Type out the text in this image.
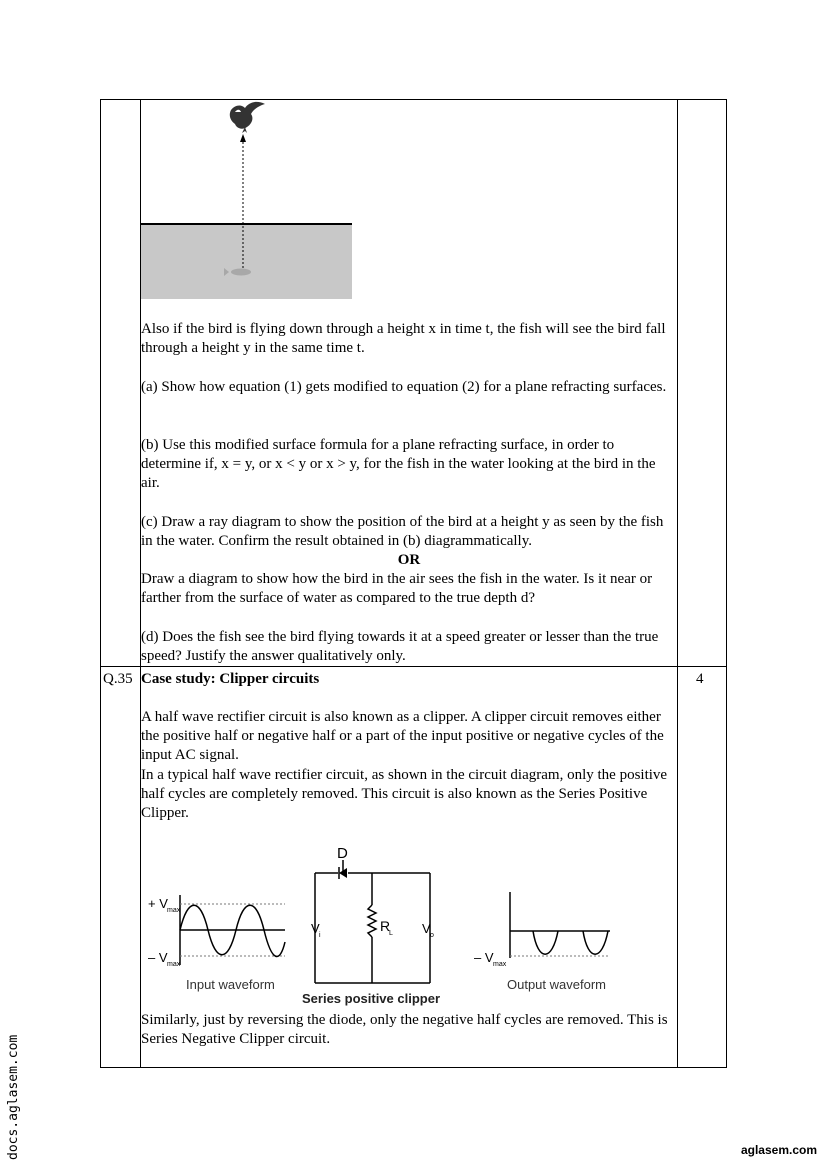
Also if the bird is flying down through a height x in time t, the fish will see the bird fall through a height y in the same time t.

(a) Show how equation (1) gets modified to equation (2) for a plane refracting surfaces.

(b) Use this modified surface formula for a plane refracting surface, in order to determine if, x = y, or x < y or x > y, for the fish in the water looking at the bird in the air.

(c) Draw a ray diagram to show the position of the bird at a height y as seen by the fish in the water. Confirm the result obtained in (b) diagrammatically.

OR

Draw a diagram to show how the bird in the air sees the fish in the water. Is it near or farther from the surface of water as compared to the true depth d?

(d) Does the fish see the bird flying towards it at a speed greater or lesser than the true speed? Justify the answer qualitatively only.

Q.35	4
Case study: Clipper circuits

A half wave rectifier circuit is also known as a clipper. A clipper circuit removes either the positive half or negative half or a part of the input positive or negative cycles of the input AC signal.

In a typical half wave rectifier circuit, as shown in the circuit diagram, only the positive half cycles are completely removed. This circuit is also known as the Series Positive Clipper.

+ V max
– V max
Input waveform
D
V i
R
L V o
Series positive clipper
– V max
Output waveform

Similarly, just by reversing the diode, only the negative half cycles are removed. This is Series Negative Clipper circuit.

docs.aglasem.com	aglasem.com
